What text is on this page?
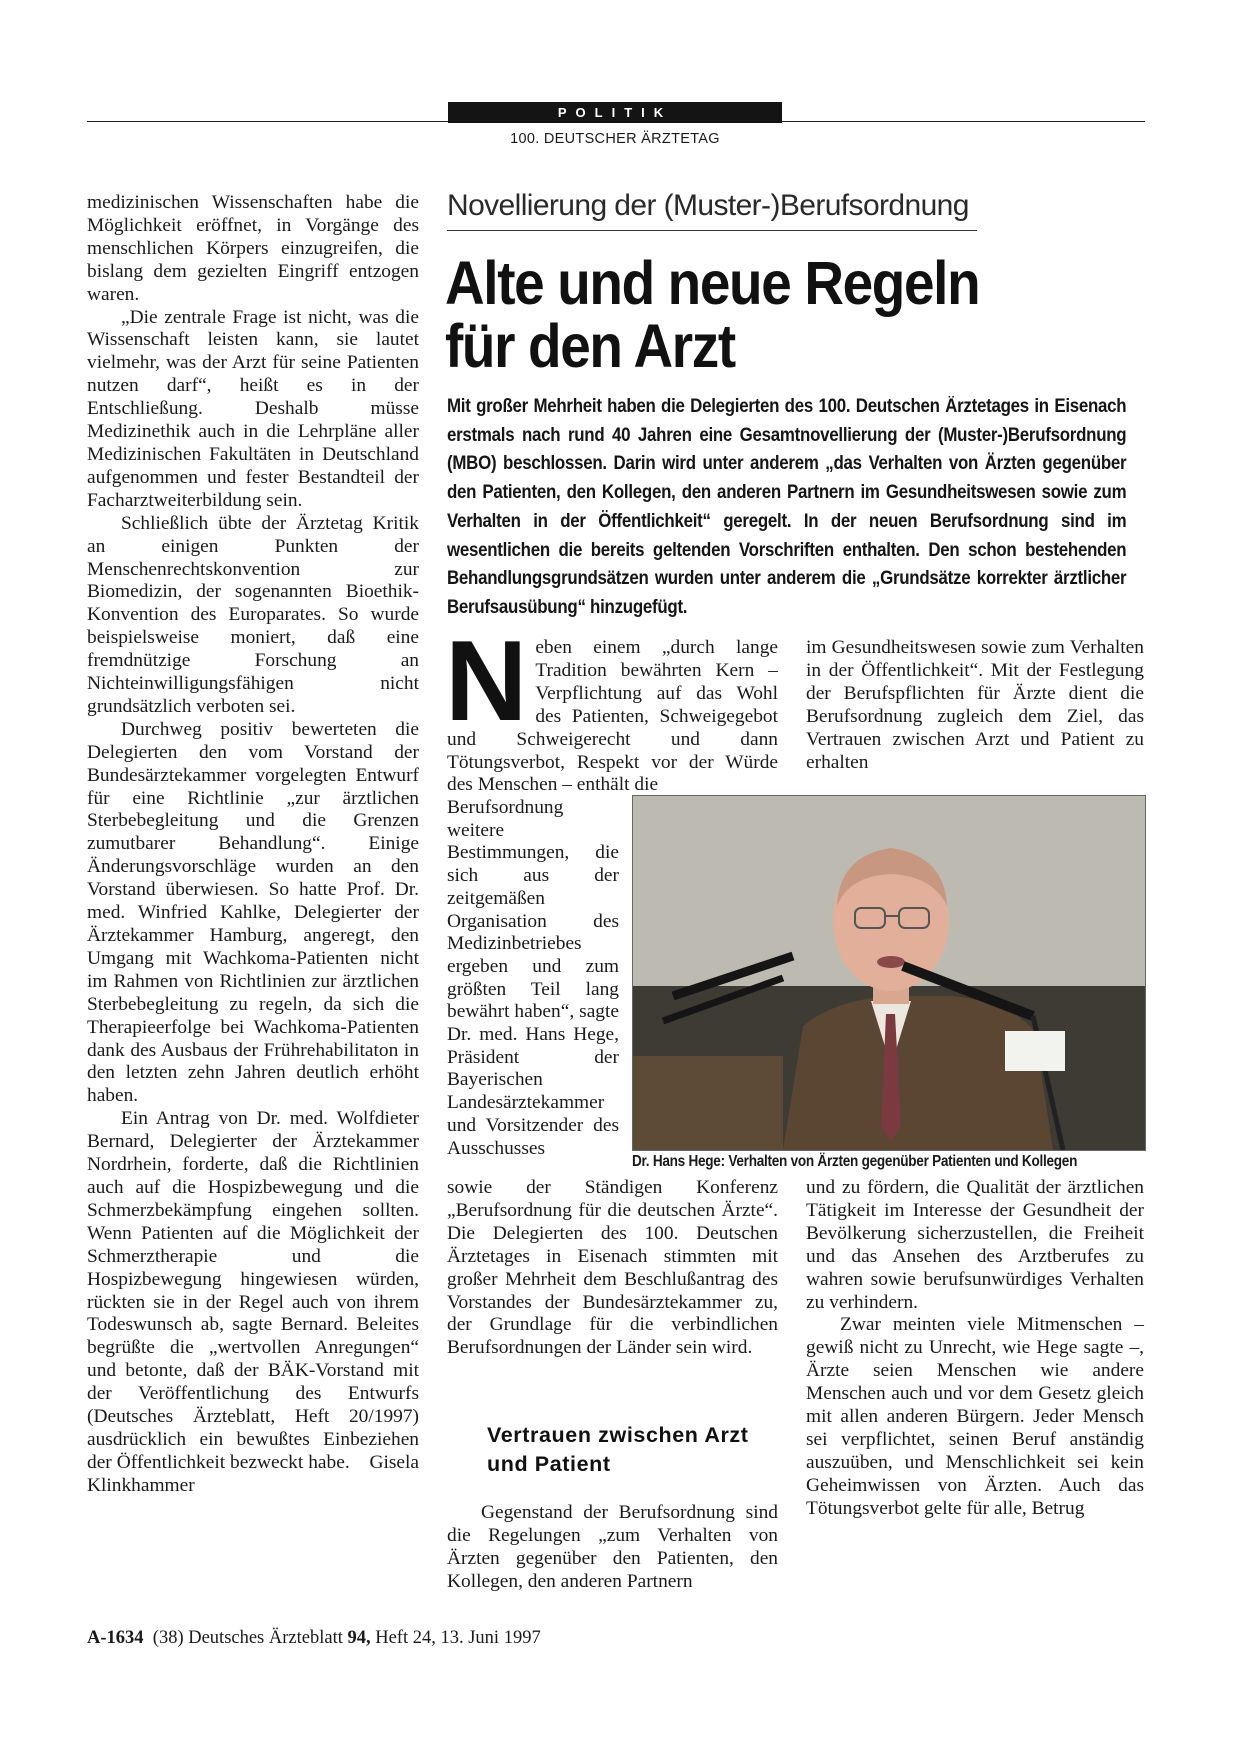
POLITIK
100. DEUTSCHER ÄRZTETAG

medizinischen Wissenschaften habe die Möglichkeit eröffnet, in Vorgänge des menschlichen Körpers einzugreifen, die bislang dem gezielten Eingriff entzogen waren.

„Die zentrale Frage ist nicht, was die Wissenschaft leisten kann, sie lautet vielmehr, was der Arzt für seine Patienten nutzen darf“, heißt es in der Entschließung. Deshalb müsse Medizinethik auch in die Lehrpläne aller Medizinischen Fakultäten in Deutschland aufgenommen und fester Bestandteil der Facharztweiterbildung sein.

Schließlich übte der Ärztetag Kritik an einigen Punkten der Menschenrechtskonvention zur Biomedizin, der sogenannten Bioethik-Konvention des Europarates. So wurde beispielsweise moniert, daß eine fremdnützige Forschung an Nichteinwilligungsfähigen nicht grundsätzlich verboten sei.

Durchweg positiv bewerteten die Delegierten den vom Vorstand der Bundesärztekammer vorgelegten Entwurf für eine Richtlinie „zur ärztlichen Sterbebegleitung und die Grenzen zumutbarer Behandlung“. Einige Änderungsvorschläge wurden an den Vorstand überwiesen. So hatte Prof. Dr. med. Winfried Kahlke, Delegierter der Ärztekammer Hamburg, angeregt, den Umgang mit Wachkoma-Patienten nicht im Rahmen von Richtlinien zur ärztlichen Sterbebegleitung zu regeln, da sich die Therapieerfolge bei Wachkoma-Patienten dank des Ausbaus der Frührehabilitaton in den letzten zehn Jahren deutlich erhöht haben.

Ein Antrag von Dr. med. Wolfdieter Bernard, Delegierter der Ärztekammer Nordrhein, forderte, daß die Richtlinien auch auf die Hospizbewegung und die Schmerzbekämpfung eingehen sollten. Wenn Patienten auf die Möglichkeit der Schmerztherapie und die Hospizbewegung hingewiesen würden, rückten sie in der Regel auch von ihrem Todeswunsch ab, sagte Bernard. Beleites begrüßte die „wertvollen Anregungen“ und betonte, daß der BÄK-Vorstand mit der Veröffentlichung des Entwurfs (Deutsches Ärzteblatt, Heft 20/1997) ausdrücklich ein bewußtes Einbeziehen der Öffentlichkeit bezweckt habe. Gisela Klinkhammer

Novellierung der (Muster-)Berufsordnung
Alte und neue Regeln
für den Arzt
Mit großer Mehrheit haben die Delegierten des 100. Deutschen Ärztetages in Eisenach erstmals nach rund 40 Jahren eine Gesamtnovellierung der (Muster-)Berufsordnung (MBO) beschlossen. Darin wird unter anderem „das Verhalten von Ärzten gegenüber den Patienten, den Kollegen, den anderen Partnern im Gesundheitswesen sowie zum Verhalten in der Öffentlichkeit“ geregelt. In der neuen Berufsordnung sind im wesentlichen die bereits geltenden Vorschriften enthalten. Den schon bestehenden Behandlungsgrundsätzen wurden unter anderem die „Grundsätze korrekter ärztlicher Berufsausübung“ hinzugefügt.

Neben einem „durch lange Tradition bewährten Kern – Verpflichtung auf das Wohl des Patienten, Schweigegebot und Schweigerecht und dann Tötungsverbot, Respekt vor der Würde des Menschen – enthält die

Berufsordnung weitere Bestimmungen, die sich aus der zeitgemäßen Organisation des Medizinbetriebes ergeben und zum größten Teil lang bewährt haben“, sagte Dr. med. Hans Hege, Präsident der Bayerischen Landesärztekammer und Vorsitzender des Ausschusses

sowie der Ständigen Konferenz „Berufsordnung für die deutschen Ärzte“. Die Delegierten des 100. Deutschen Ärztetages in Eisenach stimmten mit großer Mehrheit dem Beschlußantrag des Vorstandes der Bundesärztekammer zu, der Grundlage für die verbindlichen Berufsordnungen der Länder sein wird.

Vertrauen zwischen Arzt und Patient

Gegenstand der Berufsordnung sind die Regelungen „zum Verhalten von Ärzten gegenüber den Patienten, den Kollegen, den anderen Partnern

im Gesundheitswesen sowie zum Verhalten in der Öffentlichkeit“. Mit der Festlegung der Berufspflichten für Ärzte dient die Berufsordnung zugleich dem Ziel, das Vertrauen zwischen Arzt und Patient zu erhalten

Dr. Hans Hege: Verhalten von Ärzten gegenüber Patienten und Kollegen

und zu fördern, die Qualität der ärztlichen Tätigkeit im Interesse der Gesundheit der Bevölkerung sicherzustellen, die Freiheit und das Ansehen des Arztberufes zu wahren sowie berufsunwürdiges Verhalten zu verhindern.

Zwar meinten viele Mitmenschen – gewiß nicht zu Unrecht, wie Hege sagte –, Ärzte seien Menschen wie andere Menschen auch und vor dem Gesetz gleich mit allen anderen Bürgern. Jeder Mensch sei verpflichtet, seinen Beruf anständig auszuüben, und Menschlichkeit sei kein Geheimwissen von Ärzten. Auch das Tötungsverbot gelte für alle, Betrug

A-1634 (38) Deutsches Ärzteblatt 94, Heft 24, 13. Juni 1997
